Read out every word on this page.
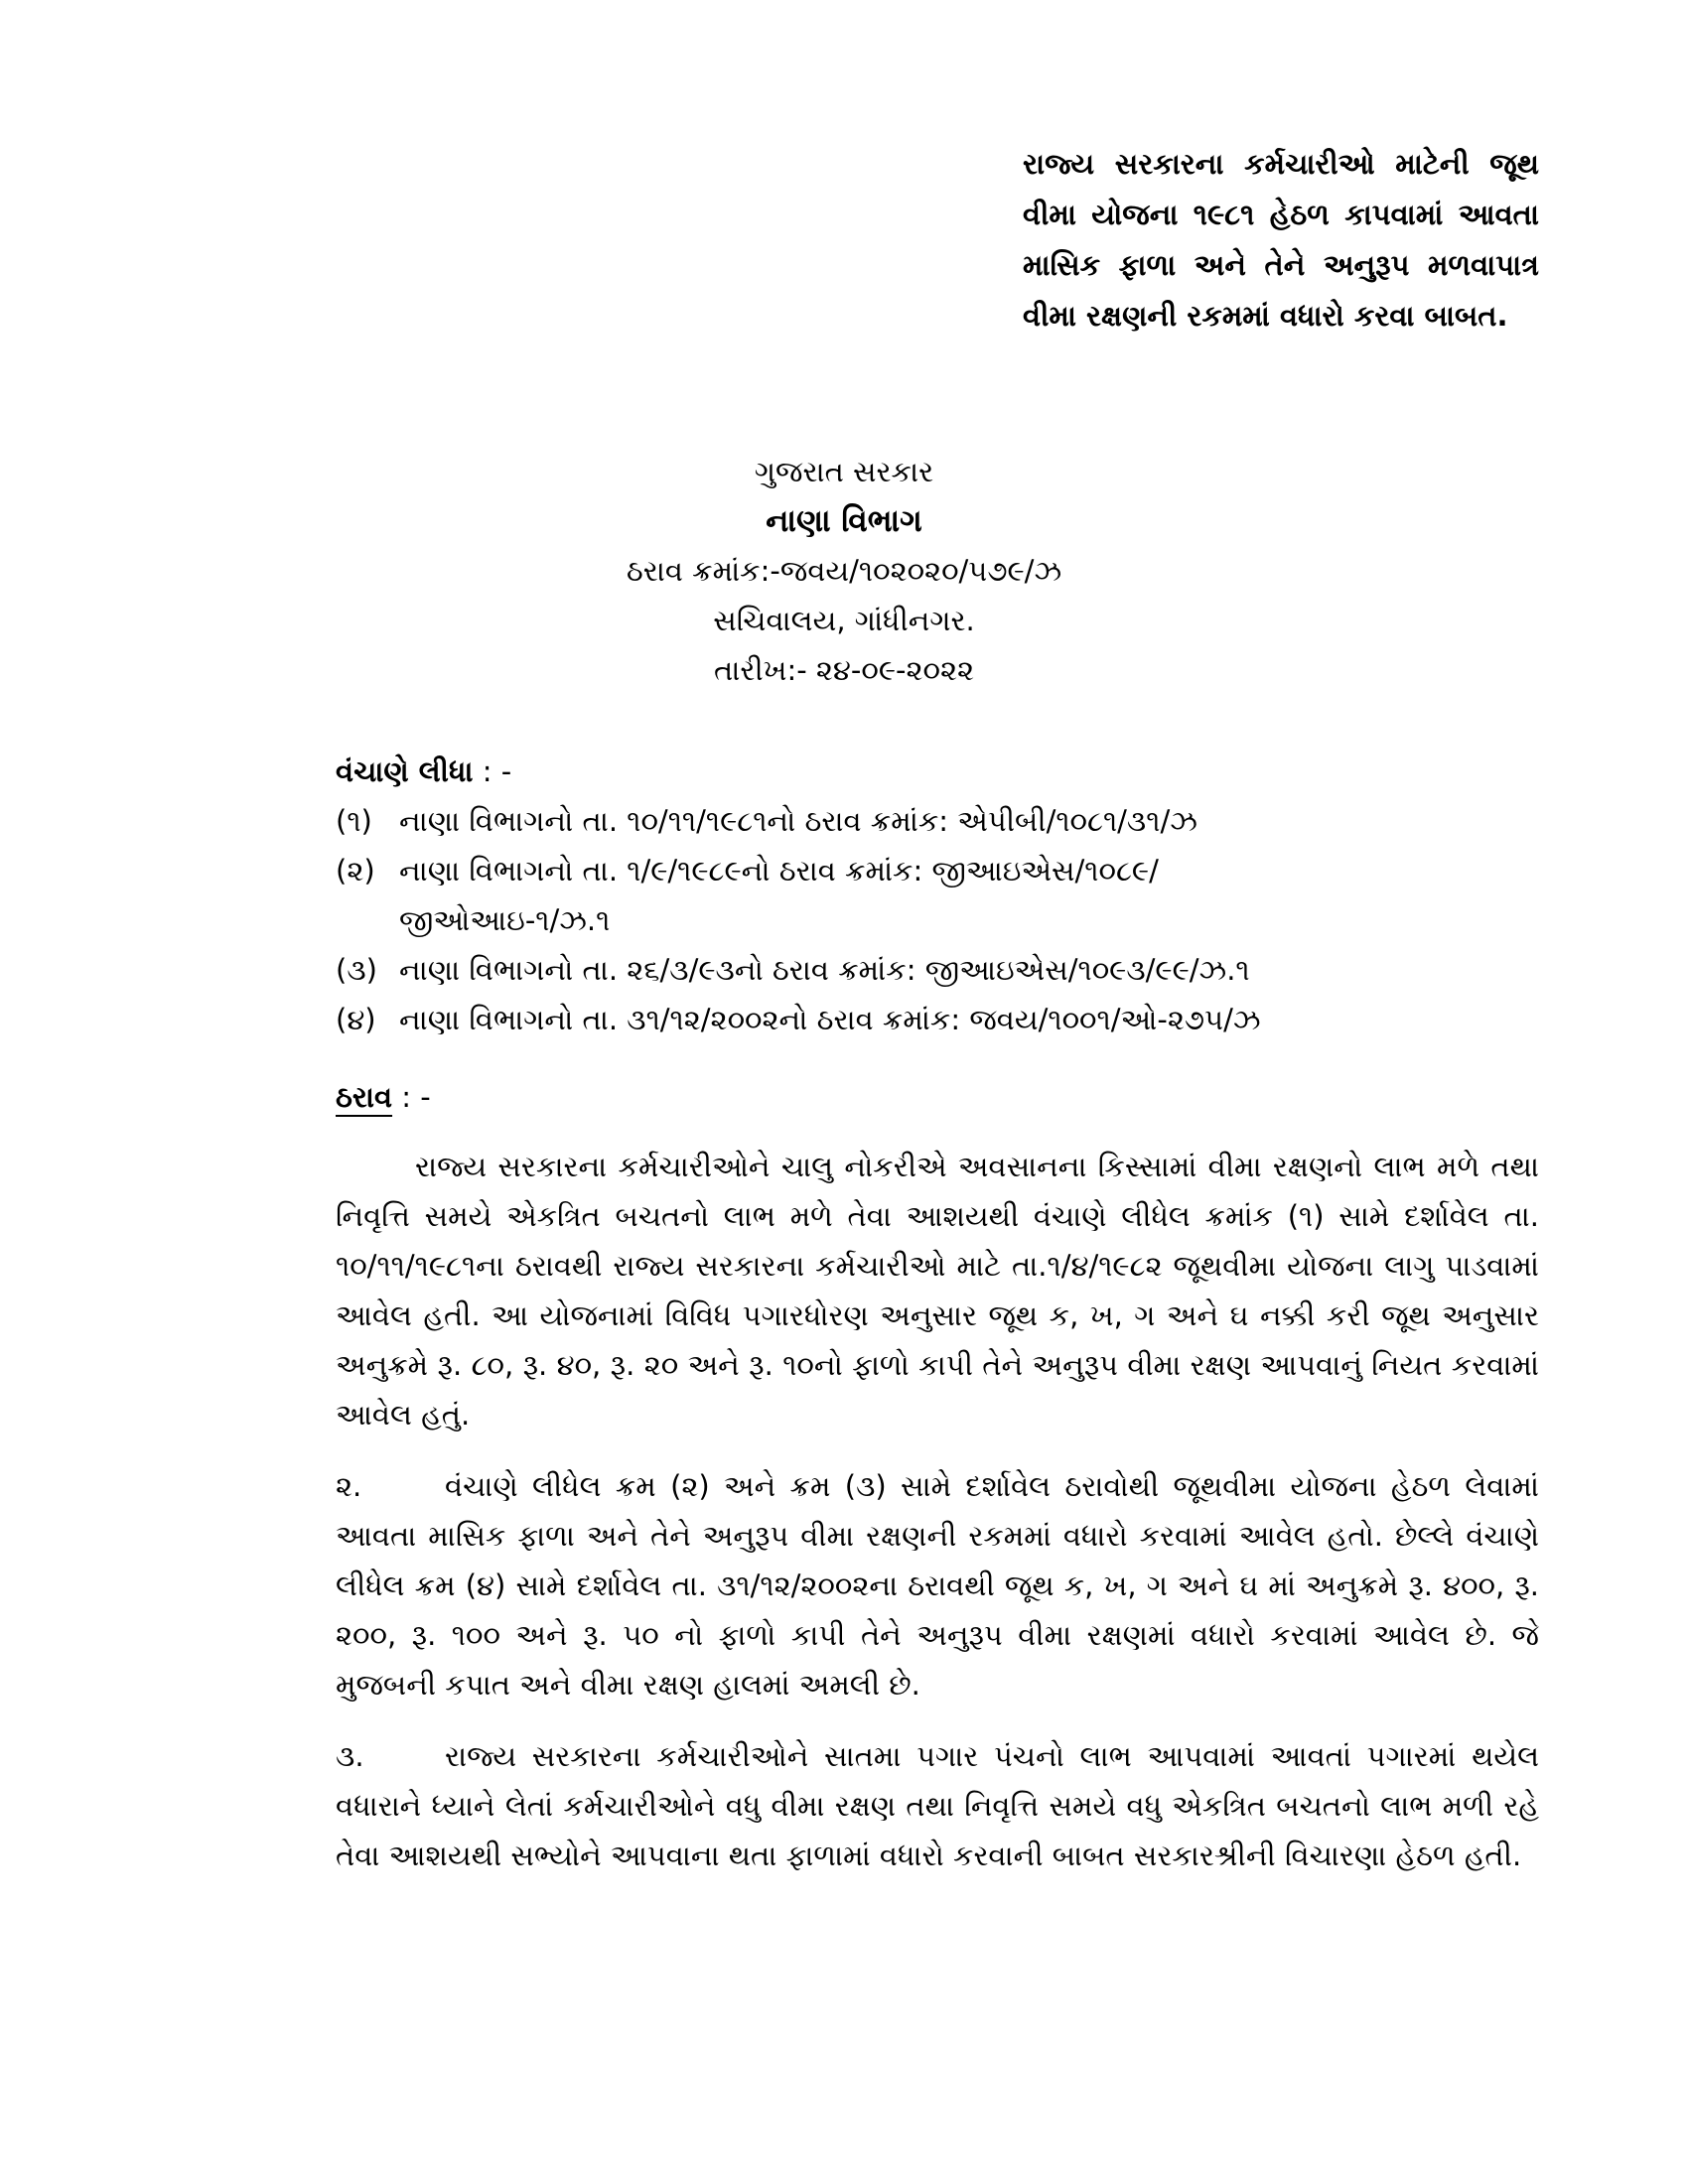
રાજ્ય સરકારના કર્મચારીઓ માટેની જૂથ વીમા યોજના ૧૯૮૧ હેઠળ કાપવામાં આવતા માસિક ફાળા અને તેને અનુરૂપ મળવાપાત્ર વીમા રક્ષણની રકમમાં વધારો કરવા બાબત.
ગુજરાત સરકાર
નાણા વિભાગ
ઠરાવ ક્રમાંક:-જવય/૧૦૨૦૨૦/૫૭૯/ઝ
સચિવાલય, ગાંધીનગર.
તારીખ:- ૨૪-૦૯-૨૦૨૨
વંચાણે લીધા : -
(૧) નાણા વિભાગનો તા. ૧૦/૧૧/૧૯૮૧નો ઠરાવ ક્રમાંક: એપીબી/૧૦૮૧/૩૧/ઝ
(૨) નાણા વિભાગનો તા. ૧/૯/૧૯૮૯નો ઠરાવ ક્રમાંક: જીઆઇએસ/૧૦૮૯/
જીઓઆઇ-૧/ઝ.૧
(૩) નાણા વિભાગનો તા. ૨૬/૩/૯૩નો ઠરાવ ક્રમાંક: જીઆઇએસ/૧૦૯૩/૯૯/ઝ.૧
(૪) નાણા વિભાગનો તા. ૩૧/૧૨/૨૦૦૨નો ઠરાવ ક્રમાંક: જવય/૧૦૦૧/ઓ-૨૭૫/ઝ
ઠરાવ : -

રાજ્ય સરકારના કર્મચારીઓને ચાલુ નોકરીએ અવસાનના કિસ્સામાં વીમા રક્ષણનો લાભ મળે તથા નિવૃત્તિ સમયે એકત્રિત બચતનો લાભ મળે તેવા આશયથી વંચાણે લીધેલ ક્રમાંક (૧) સામે દર્શાવેલ તા. ૧૦/૧૧/૧૯૮૧ના ઠરાવથી રાજ્ય સરકારના કર્મચારીઓ માટે તા.૧/૪/૧૯૮૨ જૂથવીમા યોજના લાગુ પાડવામાં આવેલ હતી. આ યોજનામાં વિવિધ પગારધોરણ અનુસાર જૂથ ક, ખ, ગ અને ઘ નક્કી કરી જૂથ અનુસાર અનુક્રમે રૂ. ૮૦, રૂ. ૪૦, રૂ. ૨૦ અને રૂ. ૧૦નો ફાળો કાપી તેને અનુરૂપ વીમા રક્ષણ આપવાનું નિયત કરવામાં આવેલ હતું.

૨.	વંચાણે લીધેલ ક્રમ (૨) અને ક્રમ (૩) સામે દર્શાવેલ ઠરાવોથી જૂથવીમા યોજના હેઠળ લેવામાં આવતા માસિક ફાળા અને તેને અનુરૂપ વીમા રક્ષણની રકમમાં વધારો કરવામાં આવેલ હતો. છેલ્લે વંચાણે લીધેલ ક્રમ (૪) સામે દર્શાવેલ તા. ૩૧/૧૨/૨૦૦૨ના ઠરાવથી જૂથ ક, ખ, ગ અને ઘ માં અનુક્રમે રૂ. ૪૦૦, રૂ. ૨૦૦, રૂ. ૧૦૦ અને રૂ. ૫૦ નો ફાળો કાપી તેને અનુરૂપ વીમા રક્ષણમાં વધારો કરવામાં આવેલ છે. જે મુજબની કપાત અને વીમા રક્ષણ હાલમાં અમલી છે.

૩.	રાજ્ય સરકારના કર્મચારીઓને સાતમા પગાર પંચનો લાભ આપવામાં આવતાં પગારમાં થયેલ વધારાને ધ્યાને લેતાં કર્મચારીઓને વધુ વીમા રક્ષણ તથા નિવૃત્તિ સમયે વધુ એકત્રિત બચતનો લાભ મળી રહે તેવા આશયથી સભ્યોને આપવાના થતા ફાળામાં વધારો કરવાની બાબત સરકારશ્રીની વિચારણા હેઠળ હતી.
